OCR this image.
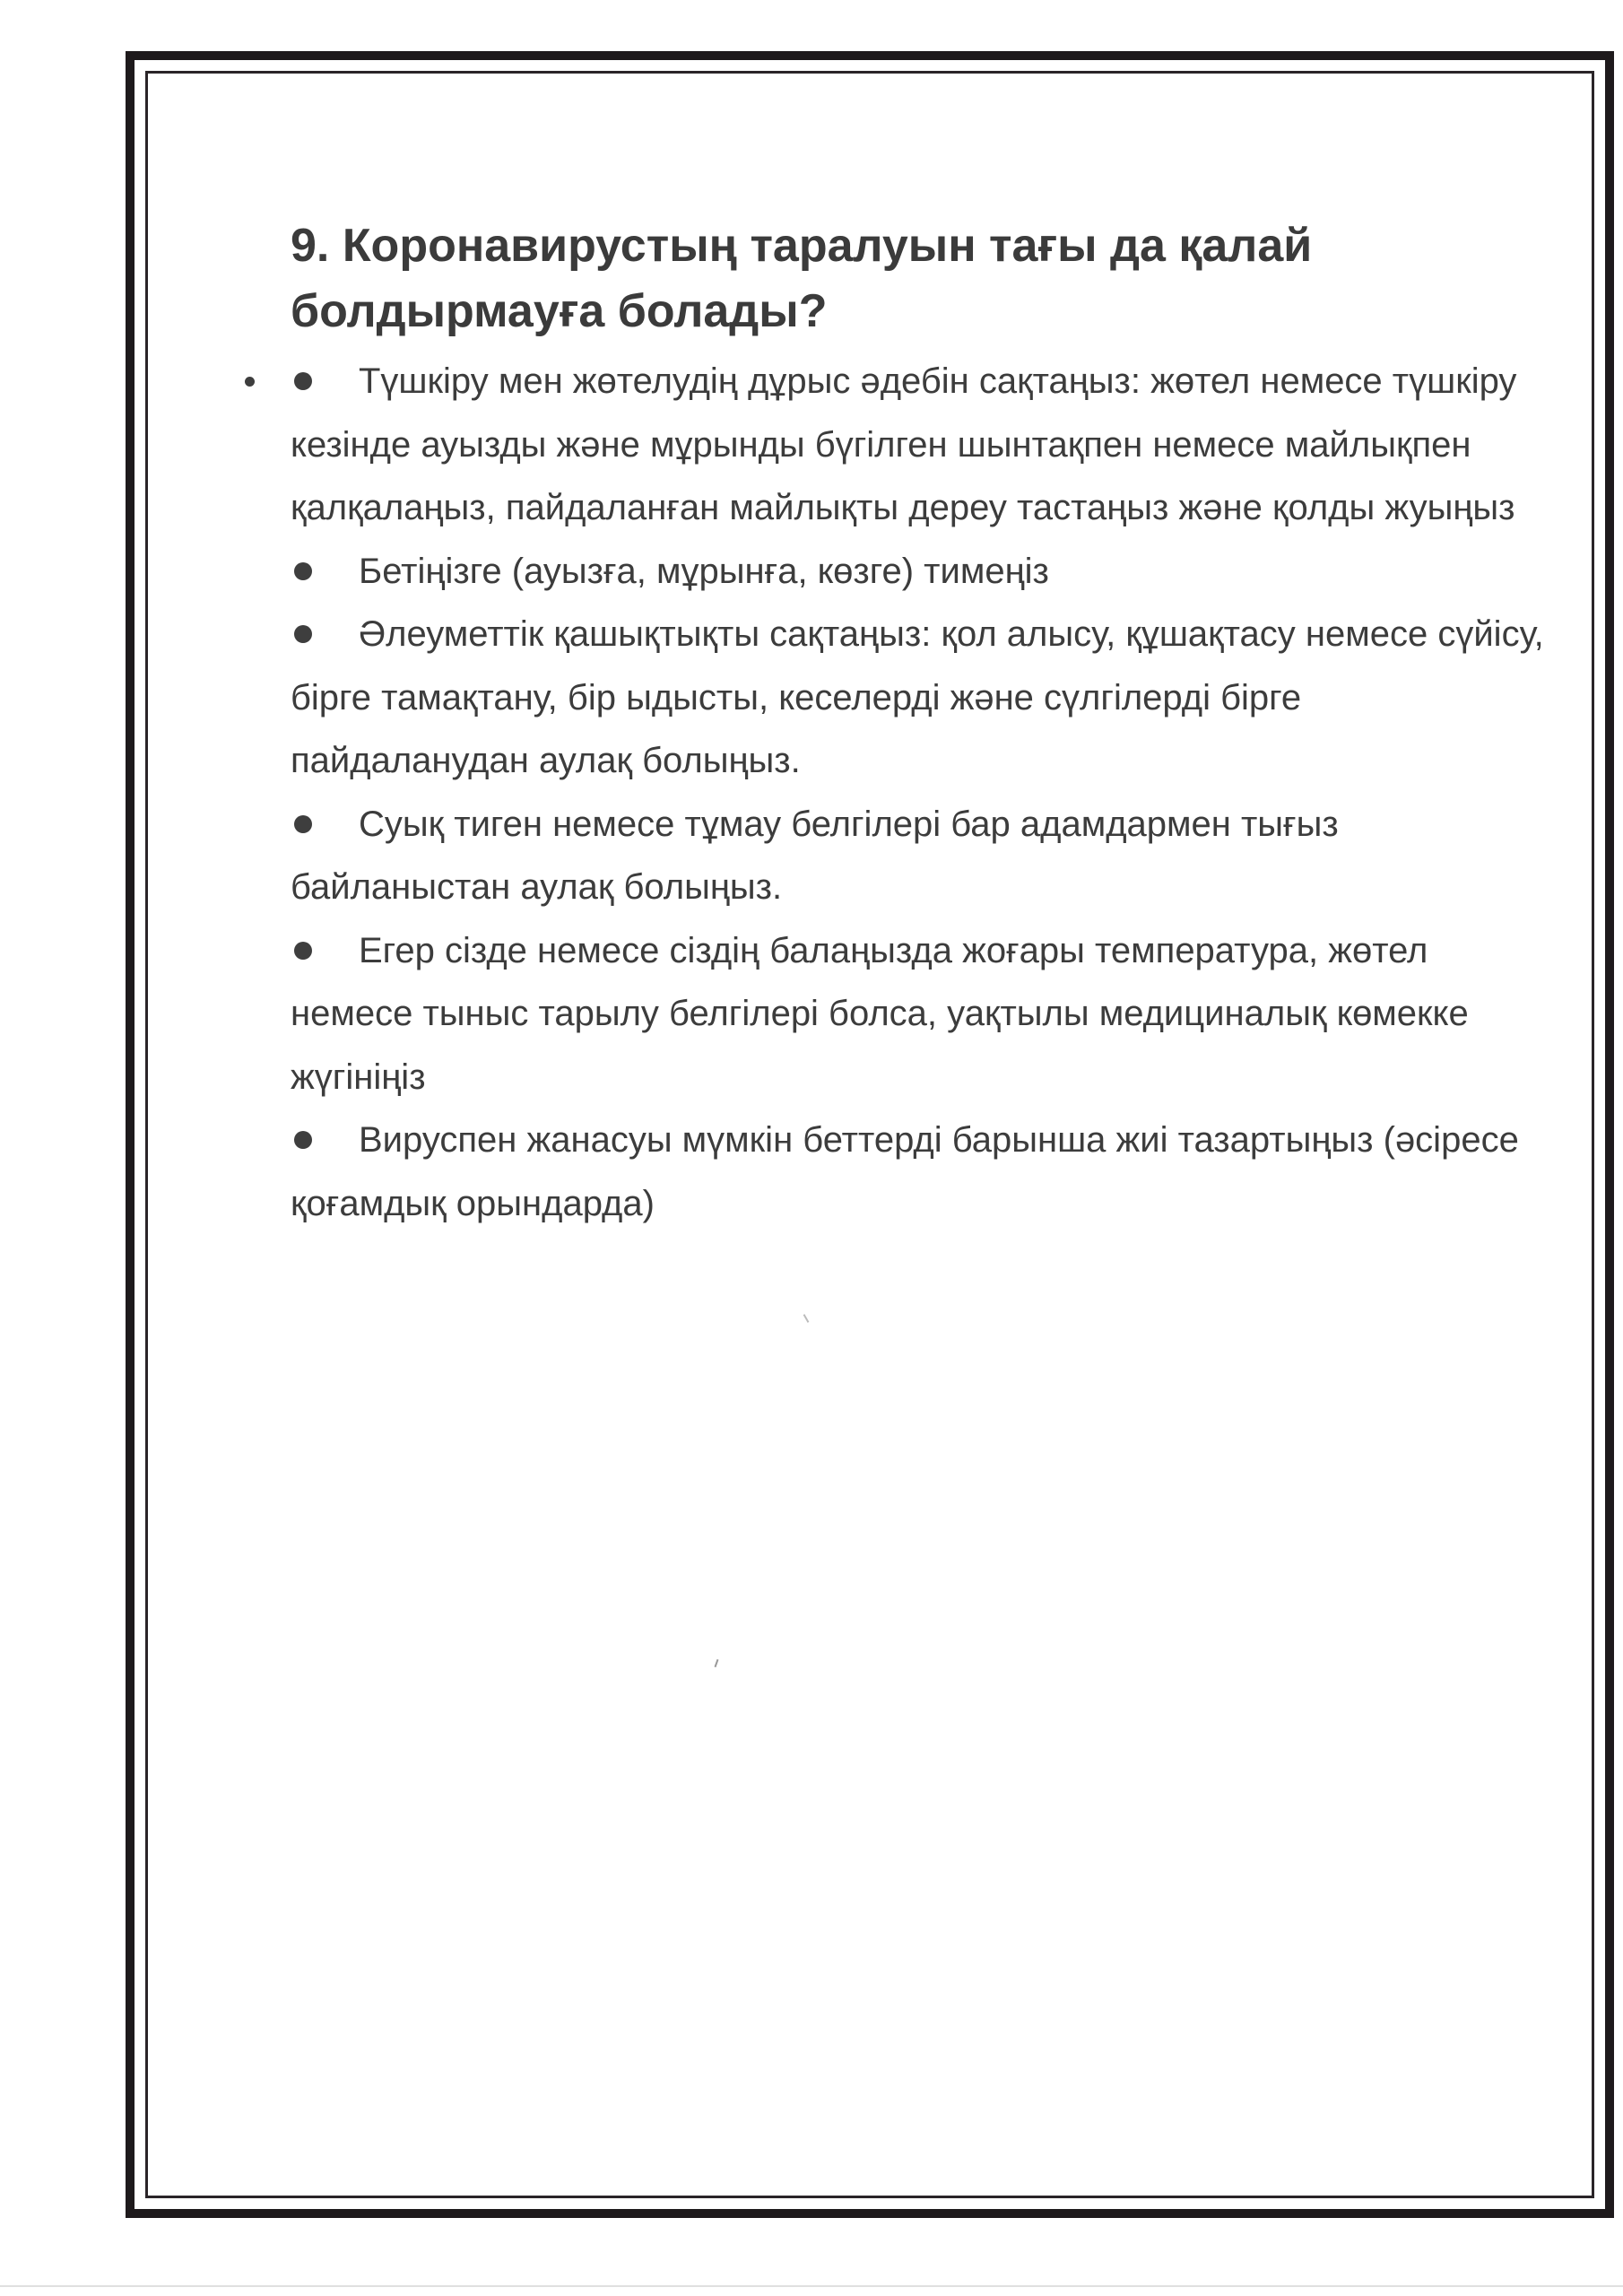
9. Коронавирустың таралуын тағы да қалай болдырмауға болады?
Түшкіру мен жөтелудің дұрыс әдебін сақтаңыз: жөтел немесе түшкіру кезінде ауызды және мұрынды бүгілген шынтақпен немесе майлықпен қалқалаңыз, пайдаланған майлықты дереу тастаңыз және қолды жуыңыз
Бетіңізге (ауызға, мұрынға, көзге) тимеңіз
Әлеуметтік қашықтықты сақтаңыз: қол алысу, құшақтасу немесе сүйісу, бірге тамақтану, бір ыдысты, кеселерді және сүлгілерді бірге пайдаланудан аулақ болыңыз.
Суық тиген немесе тұмау белгілері бар адамдармен тығыз байланыстан аулақ болыңыз.
Егер сізде немесе сіздің балаңызда жоғары температура, жөтел немесе тыныс тарылу белгілері болса, уақтылы медициналық көмекке жүгініңіз
Вируспен жанасуы мүмкін беттерді барынша жиі тазартыңыз (әсіресе қоғамдық орындарда)
